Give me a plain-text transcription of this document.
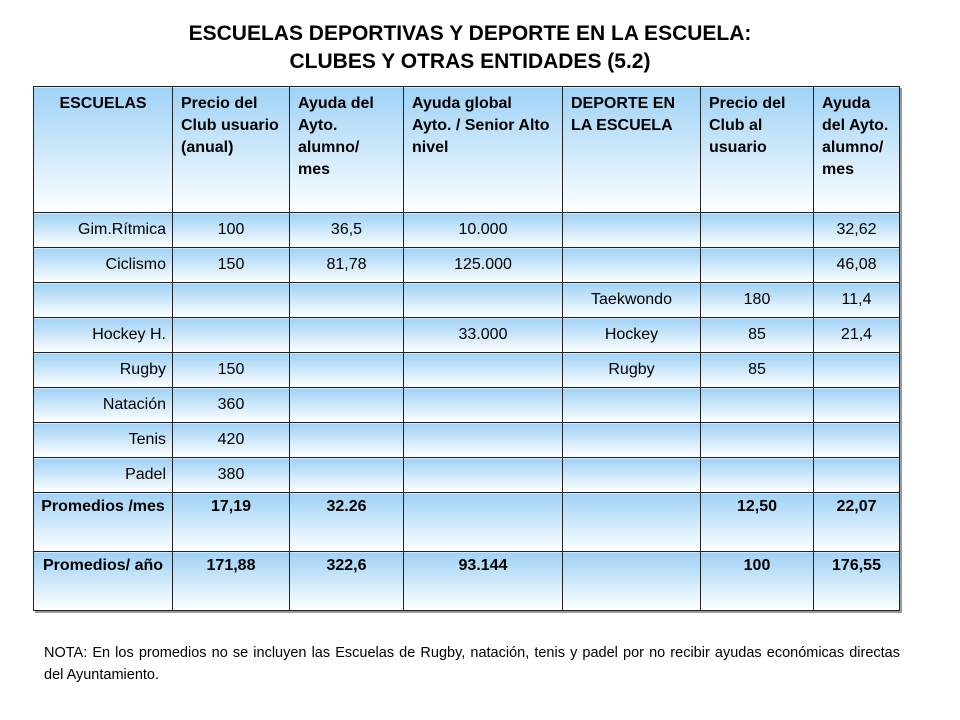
ESCUELAS DEPORTIVAS Y DEPORTE EN LA ESCUELA:
CLUBES Y OTRAS ENTIDADES (5.2)
ESCUELAS	Precio del Club usuario (anual)	Ayuda del Ayto. alumno/ mes	Ayuda global Ayto. / Senior Alto nivel	DEPORTE EN LA ESCUELA	Precio del Club al usuario	Ayuda del Ayto. alumno/ mes
Gim.Rítmica	100	36,5	10.000			32,62
Ciclismo	150	81,78	125.000			46,08
				Taekwondo	180	11,4
Hockey H.			33.000	Hockey	85	21,4
Rugby	150			Rugby	85	
Natación	360					
Tenis	420					
Padel	380					
Promedios /mes	17,19	32.26			12,50	22,07
Promedios/ año	171,88	322,6	93.144		100	176,55
NOTA: En los promedios no se incluyen las Escuelas de Rugby, natación, tenis y padel por no recibir ayudas económicas directas del Ayuntamiento.
